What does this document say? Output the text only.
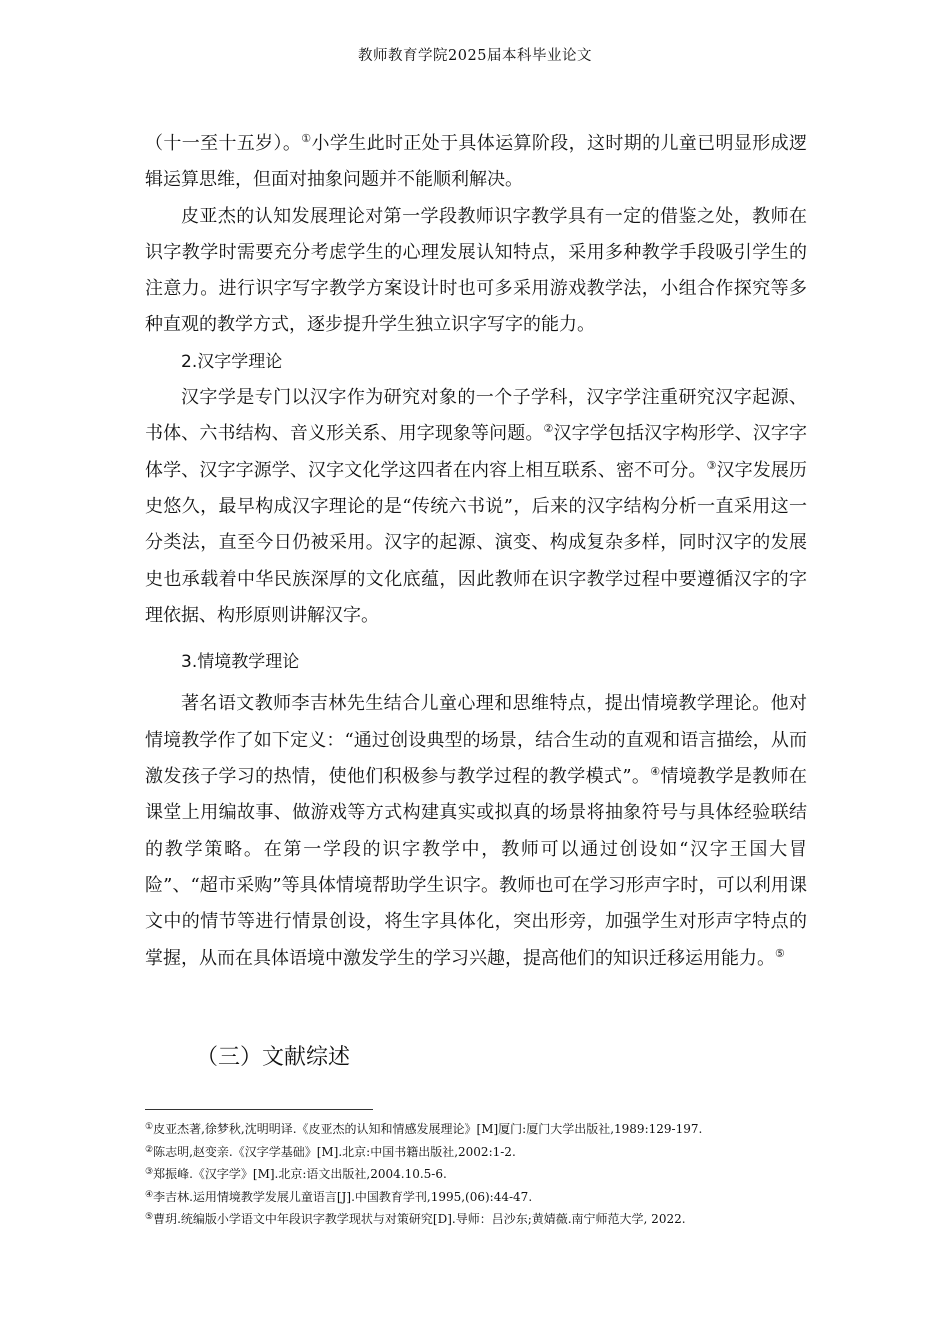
教师教育学院2025届本科毕业论文

（十一至十五岁）。①小学生此时正处于具体运算阶段，这时期的儿童已明显形成逻辑运算思维，但面对抽象问题并不能顺利解决。

皮亚杰的认知发展理论对第一学段教师识字教学具有一定的借鉴之处，教师在识字教学时需要充分考虑学生的心理发展认知特点，采用多种教学手段吸引学生的注意力。进行识字写字教学方案设计时也可多采用游戏教学法，小组合作探究等多种直观的教学方式，逐步提升学生独立识字写字的能力。

2.汉字学理论

汉字学是专门以汉字作为研究对象的一个子学科，汉字学注重研究汉字起源、书体、六书结构、音义形关系、用字现象等问题。②汉字学包括汉字构形学、汉字字体学、汉字字源学、汉字文化学这四者在内容上相互联系、密不可分。③汉字发展历史悠久，最早构成汉字理论的是“传统六书说”，后来的汉字结构分析一直采用这一分类法，直至今日仍被采用。汉字的起源、演变、构成复杂多样，同时汉字的发展史也承载着中华民族深厚的文化底蕴，因此教师在识字教学过程中要遵循汉字的字理依据、构形原则讲解汉字。

3.情境教学理论

著名语文教师李吉林先生结合儿童心理和思维特点，提出情境教学理论。他对情境教学作了如下定义：“通过创设典型的场景，结合生动的直观和语言描绘，从而激发孩子学习的热情，使他们积极参与教学过程的教学模式”。④情境教学是教师在课堂上用编故事、做游戏等方式构建真实或拟真的场景将抽象符号与具体经验联结的教学策略。在第一学段的识字教学中，教师可以通过创设如“汉字王国大冒险”、“超市采购”等具体情境帮助学生识字。教师也可在学习形声字时，可以利用课文中的情节等进行情景创设，将生字具体化，突出形旁，加强学生对形声字特点的掌握，从而在具体语境中激发学生的学习兴趣，提高他们的知识迁移运用能力。⑤

（三）文献综述
①皮亚杰著,徐梦秋,沈明明译.《皮亚杰的认知和情感发展理论》[M]厦门:厦门大学出版社,1989:129-197.
②陈志明,赵变亲.《汉字学基础》[M].北京:中国书籍出版社,2002:1-2.
③郑振峰.《汉字学》[M].北京:语文出版社,2004.10.5-6.
④李吉林.运用情境教学发展儿童语言[J].中国教育学刊,1995,(06):44-47.
⑤曹玥.统编版小学语文中年段识字教学现状与对策研究[D].导师：吕沙东;黄婧薇.南宁师范大学, 2022.
